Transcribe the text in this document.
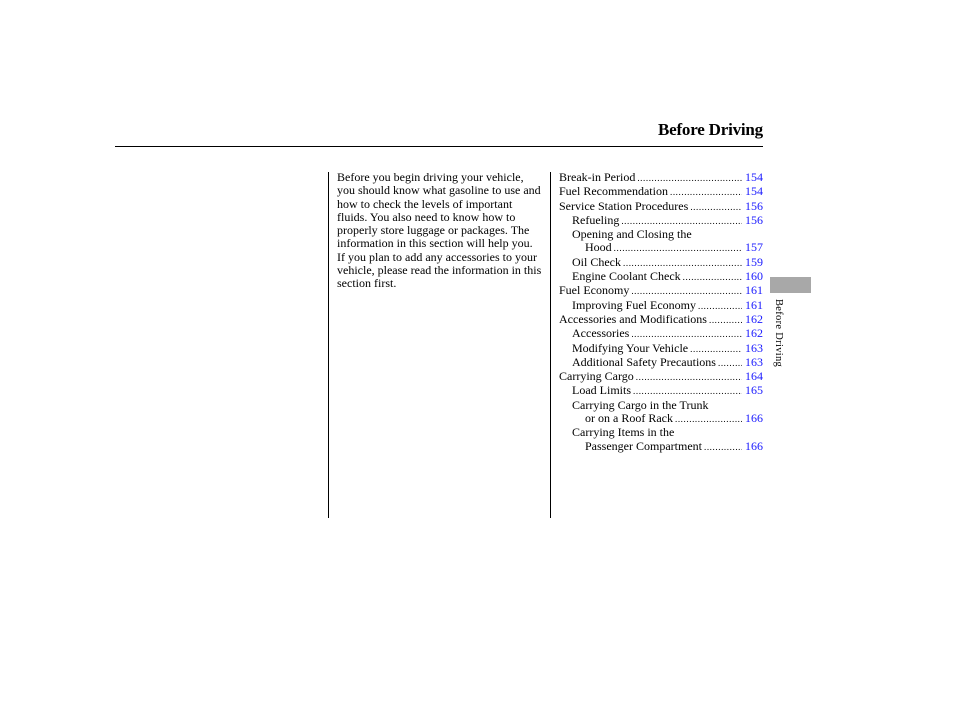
Before Driving

Before you begin driving your vehicle, you should know what gasoline to use and how to check the levels of important fluids. You also need to know how to properly store luggage or packages. The information in this section will help you. If you plan to add any accessories to your vehicle, please read the information in this section first.

Break-in Period .....	154
Fuel Recommendation .....	154
Service Station Procedures .....	156
Refueling .....	156
Opening and Closing the
Hood .....	157
Oil Check .....	159
Engine Coolant Check .....	160
Fuel Economy .....	161
Improving Fuel Economy .....	161
Accessories and Modifications .....	162
Accessories .....	162
Modifying Your Vehicle .....	163
Additional Safety Precautions ..... 163
Carrying Cargo .....	164
Load Limits .....	165
Carrying Cargo in the Trunk
or on a Roof Rack .....	166
Carrying Items in the
Passenger Compartment .....	166
Before Driving
